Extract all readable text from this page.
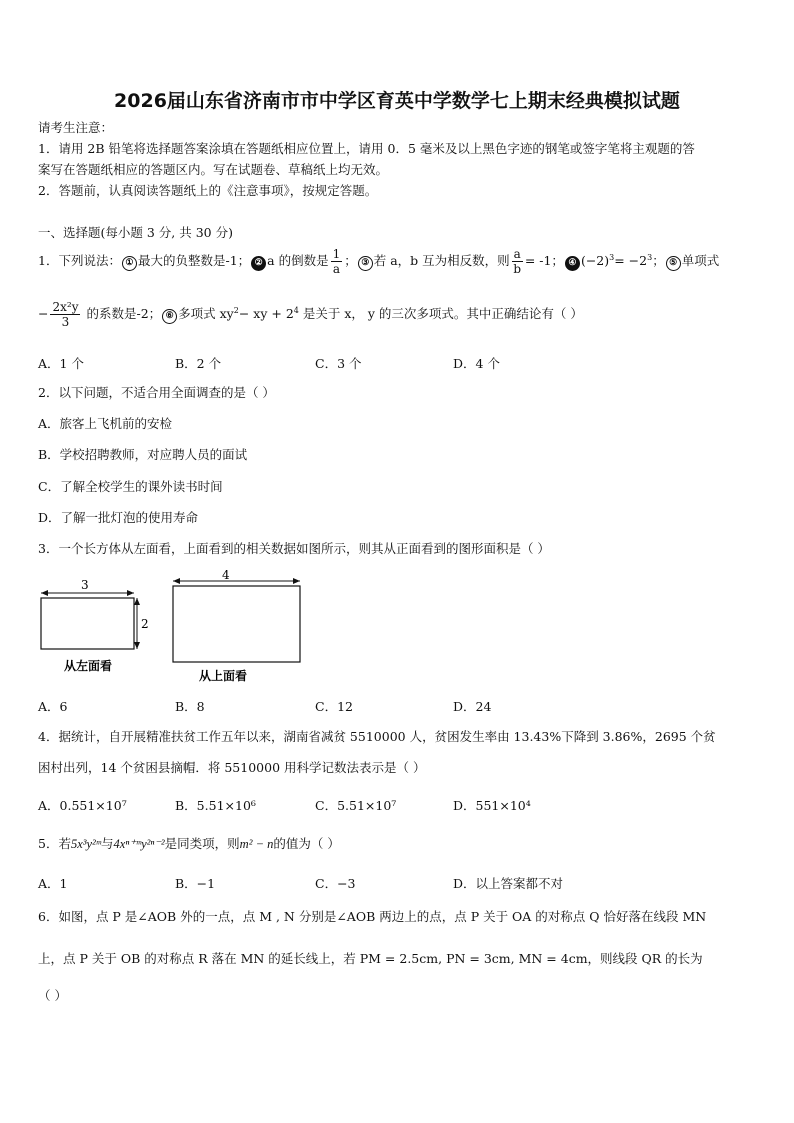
2026届山东省济南市市中学区育英中学数学七上期末经典模拟试题
请考生注意：
1．请用 2B 铅笔将选择题答案涂填在答题纸相应位置上，请用 0．5 毫米及以上黑色字迹的钢笔或签字笔将主观题的答
案写在答题纸相应的答题区内。写在试题卷、草稿纸上均无效。
2．答题前，认真阅读答题纸上的《注意事项》，按规定答题。
一、选择题(每小题 3 分, 共 30 分)
1．下列说法： ① 最大的负整数是-1； ② a 的倒数是 $\frac{1}{a}$ ； ③ 若 a，b 互为相反数，则 $\frac{a}{b} = -1$； ④ $(-2)^3= -2^3$； ⑤ 单项式
− $\frac{\text{2x²y}}{3}$ 的系数是-2； ⑥ 多项式 $xy^2-$ xy + $2^4$ 是关于 x， y 的三次多项式。其中正确结论有（ ）
A．1 个	B．2 个	C．3 个	D．4 个
2．以下问题，不适合用全面调查的是（ ）
A．旅客上飞机前的安检
B．学校招聘教师，对应聘人员的面试
C．了解全校学生的课外读书时间
D．了解一批灯泡的使用寿命
3．一个长方体从左面看，上面看到的相关数据如图所示，则其从正面看到的图形面积是（ ）
3
2
从左面看
4
从上面看
A．6	B．8	C．12	D．24
4．据统计，自开展精准扶贫工作五年以来，湖南省减贫 5510000 人，贫困发生率由 13.43%下降到 3.86%，2695 个贫
困村出列，14 个贫困县摘帽．将 5510000 用科学记数法表示是（ ）
A．0.551×10⁷	B．5.51×10⁶	C．5.51×10⁷	D．551×10⁴
5．若5x³y²ᵐ与4xⁿ⁺ᵐy²ⁿ⁻²是同类项，则m² − n的值为（ ）
A．1	B．−1	C．−3	D．以上答案都不对
6．如图，点 P 是∠AOB 外的一点，点 M , N 分别是∠AOB 两边上的点，点 P 关于 OA 的对称点 Q 恰好落在线段 MN
上，点 P 关于 OB 的对称点 R 落在 MN 的延长线上，若 PM = 2.5cm, PN = 3cm, MN = 4cm，则线段 QR 的长为
（ ）
